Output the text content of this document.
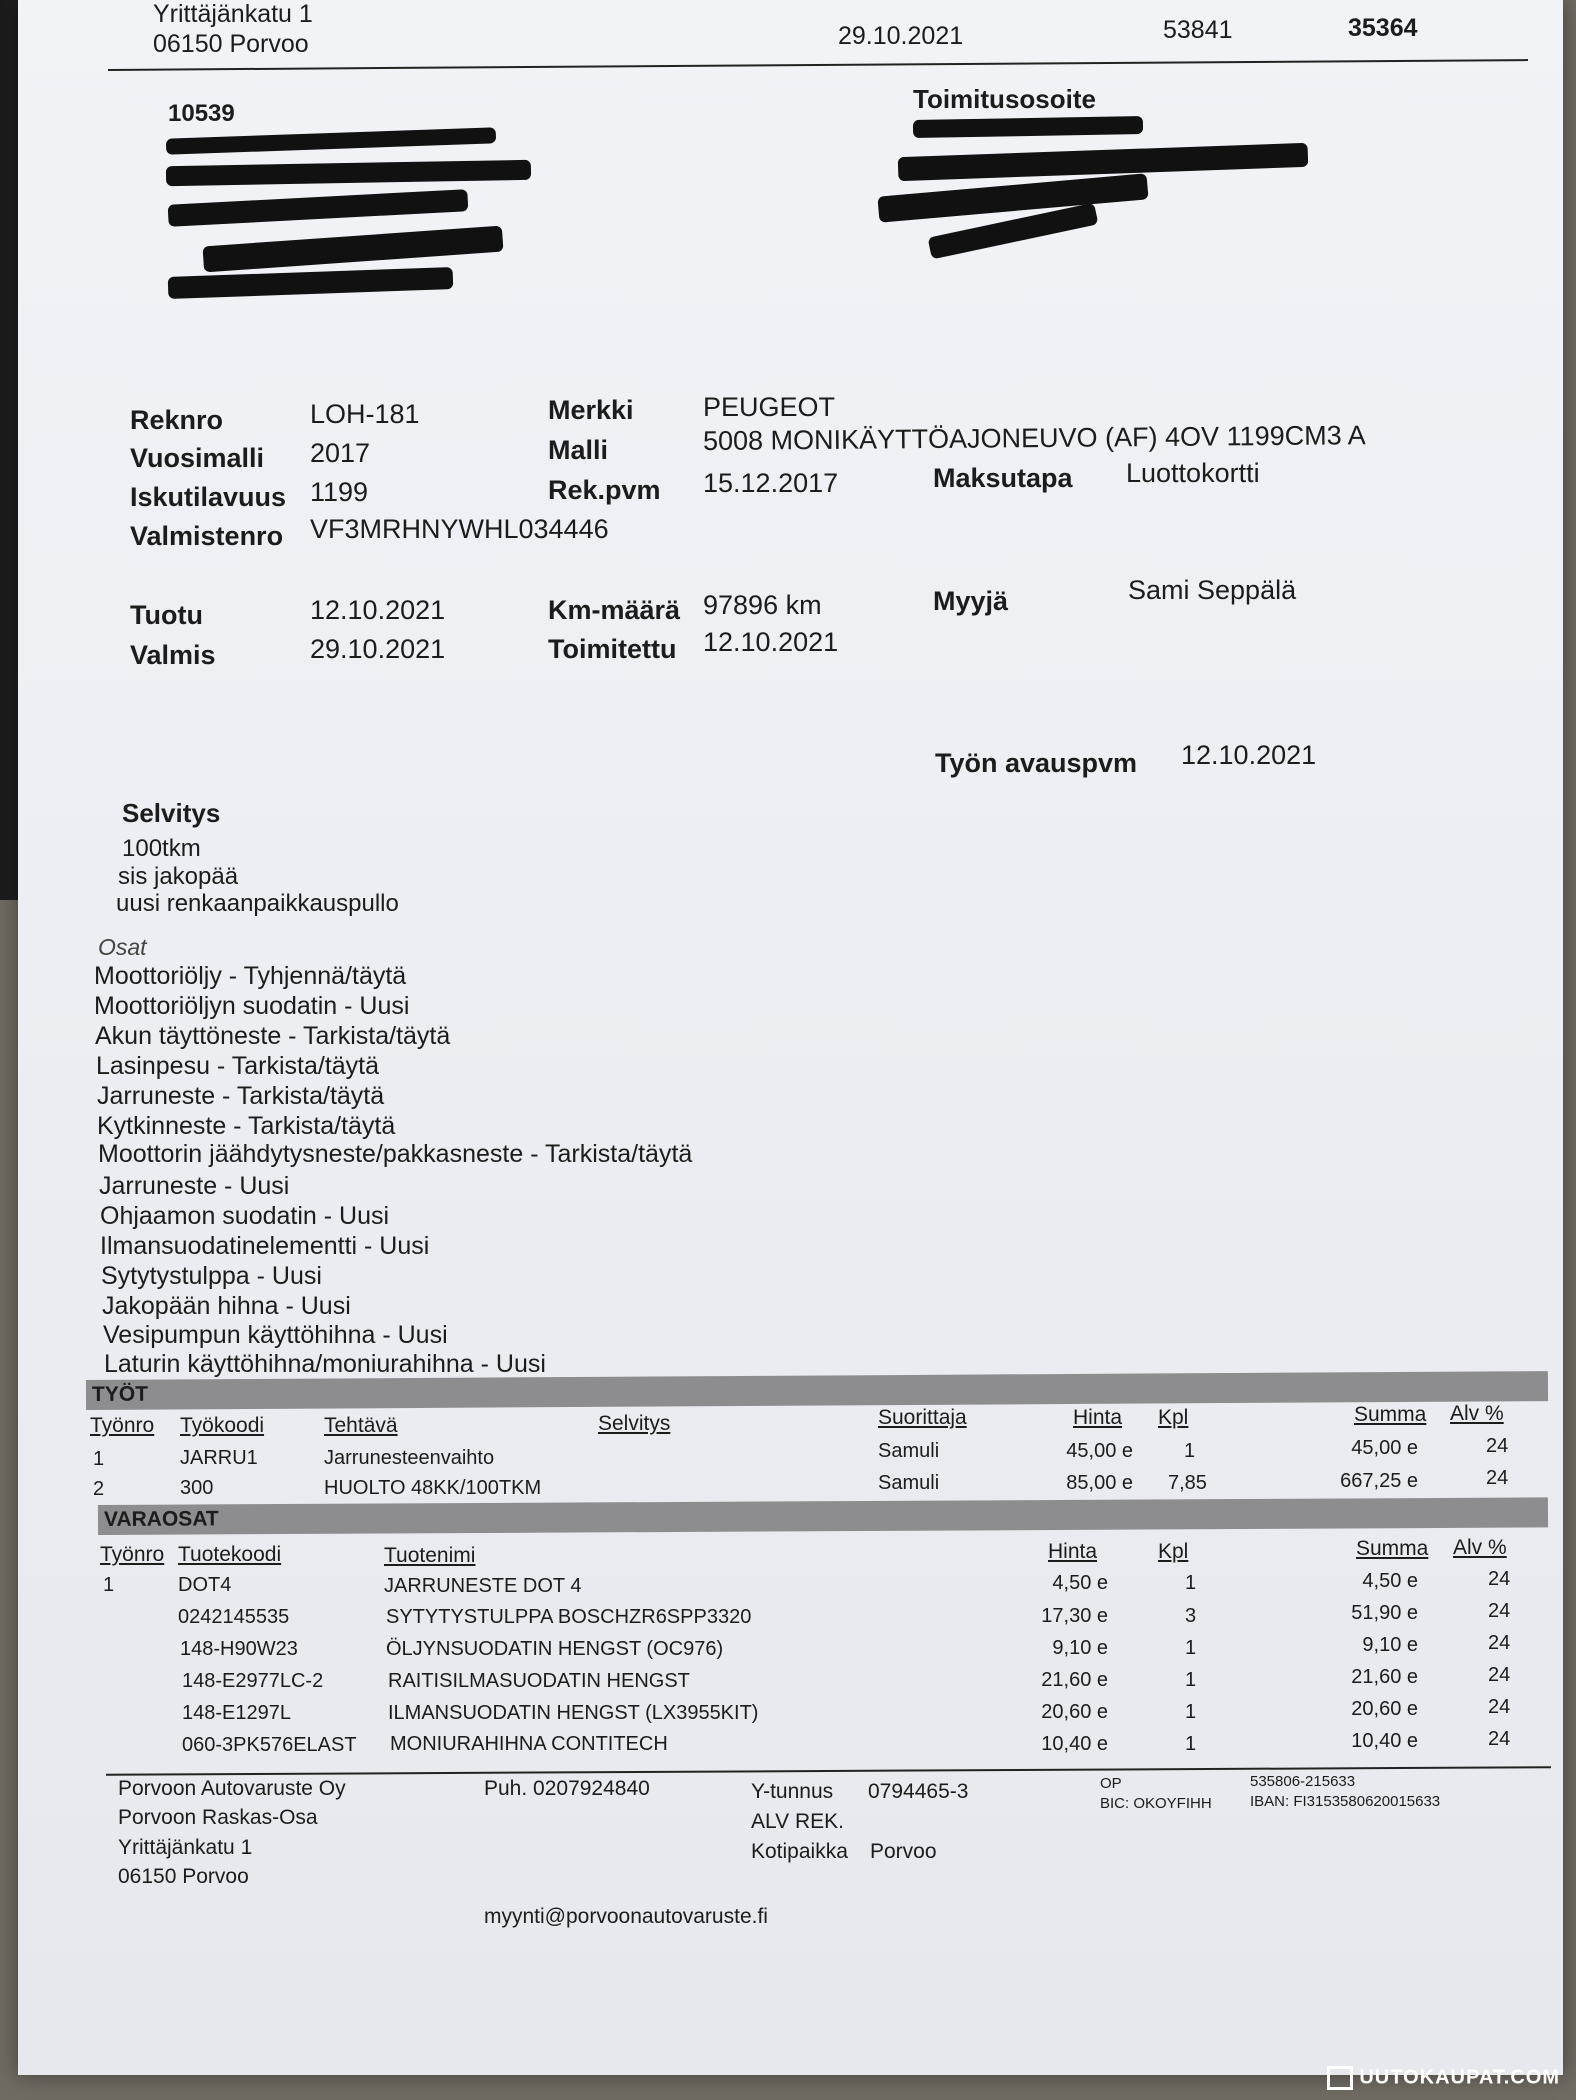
Yrittäjänkatu 1
06150 Porvoo	29.10.2021	53841	35364
10539	Toimitusosoite
Reknro	LOH-181
Vuosimalli 2017
Iskutilavuus 1199
Valmistenro VF3MRHNYWHL034446
Merkki	PEUGEOT
Malli	5008 MONIKÄYTTÖAJONEUVO (AF) 4OV 1199CM3 A
Rek.pvm 15.12.2017	Maksutapa Luottokortti
Tuotu	12.10.2021
Valmis	29.10.2021
Km-määrä 97896 km
Toimitettu 12.10.2021
Myyjä	Sami Seppälä
Työn avauspvm 12.10.2021
Selvitys
100tkm
sis jakopää
uusi renkaanpaikkauspullo
Osat
Moottoriöljy - Tyhjennä/täytä
Moottoriöljyn suodatin - Uusi
Akun täyttöneste - Tarkista/täytä
Lasinpesu - Tarkista/täytä
Jarruneste - Tarkista/täytä
Kytkinneste - Tarkista/täytä
Moottorin jäähdytysneste/pakkasneste - Tarkista/täytä
Jarruneste - Uusi
Ohjaamon suodatin - Uusi
Ilmansuodatinelementti - Uusi
Sytytystulppa - Uusi
Jakopään hihna - Uusi
Vesipumpun käyttöhihna - Uusi
Laturin käyttöhihna/moniurahihna - Uusi
TYÖT
Työnro Työkoodi	Tehtävä	Selvitys	Suorittaja	Hinta Kpl	Summa Alv %
1	JARRU1	Jarrunesteenvaihto	Samuli	45,00 e	1	45,00 e	24
2	300	HUOLTO 48KK/100TKM	Samuli	85,00 e 7,85	667,25 e	24
VARAOSAT
Työnro Tuotekoodi	Tuotenimi	Hinta	Kpl	Summa Alv %
1	DOT4	JARRUNESTE DOT 4	4,50 e	1	4,50 e	24
0242145535	SYTYTYSTULPPA BOSCHZR6SPP3320	17,30 e	3	51,90 e	24
148-H90W23	ÖLJYNSUODATIN HENGST (OC976)	9,10 e	1	9,10 e	24
148-E2977LC-2	RAITISILMASUODATIN HENGST	21,60 e	1	21,60 e	24
148-E1297L	ILMANSUODATIN HENGST (LX3955KIT)	20,60 e	1	20,60 e	24
060-3PK576ELAST MONIURAHIHNA CONTITECH	10,40 e	1	10,40 e	24
Porvoon Autovaruste Oy
Porvoon Raskas-Osa
Yrittäjänkatu 1
06150 Porvoo
Puh. 0207924840	Y-tunnus 0794465-3
ALV REK.
Kotipaikka Porvoo
OP	535806-215633
BIC: OKOYFIHH	IBAN: FI3153580620015633
myynti@porvoonautovaruste.fi
UUTOKAUPAT.COM
